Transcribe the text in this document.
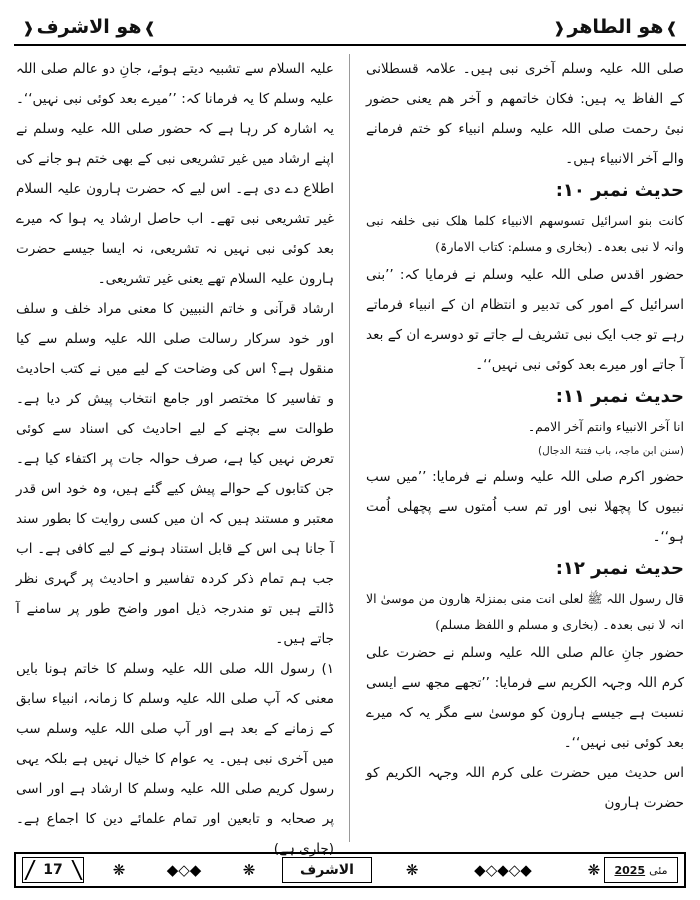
❱ھو الطاھر❰
❱ھو الاشرف❰

صلی اللہ علیہ وسلم آخری نبی ہیں۔ علامہ قسطلانی کے الفاظ یہ ہیں: فکان خاتمھم و آخر ھم یعنی حضور نبیٔ رحمت صلی اللہ علیہ وسلم انبیاء کو ختم فرمانے والے آخر الانبیاء ہیں۔

حدیث نمبر ۱۰:

کانت بنو اسرائیل تسوسھم الانبیاء کلما ھلک نبی خلفہ نبی وانہ لا نبی بعدہ۔ (بخاری و مسلم: کتاب الامارۃ)

حضور اقدس صلی اللہ علیہ وسلم نے فرمایا کہ: ’’بنی اسرائیل کے امور کی تدبیر و انتظام ان کے انبیاء فرماتے رہے تو جب ایک نبی تشریف لے جاتے تو دوسرے ان کے بعد آ جاتے اور میرے بعد کوئی نبی نہیں‘‘۔

حدیث نمبر ۱۱:

انا آخر الانبیاء وانتم آخر الامم۔

(سنن ابن ماجہ، باب فتنۃ الدجال)

حضور اکرم صلی اللہ علیہ وسلم نے فرمایا: ’’میں سب نبیوں کا پچھلا نبی اور تم سب اُمتوں سے پچھلی اُمت ہو‘‘۔

حدیث نمبر ۱۲:

قال رسول اللہ ﷺ لعلی انت منی بمنزلۃ ھارون من موسیٰ الا انہ لا نبی بعدہ۔ (بخاری و مسلم و اللفظ مسلم)

حضور جانِ عالم صلی اللہ علیہ وسلم نے حضرت علی کرم اللہ وجہہ الکریم سے فرمایا: ’’تجھے مجھ سے ایسی نسبت ہے جیسے ہارون کو موسیٰ سے مگر یہ کہ میرے بعد کوئی نبی نہیں‘‘۔

اس حدیث میں حضرت علی کرم اللہ وجہہ الکریم کو حضرت ہارون

علیہ السلام سے تشبیہ دیتے ہوئے، جانِ دو عالم صلی اللہ علیہ وسلم کا یہ فرمانا کہ: ’’میرے بعد کوئی نبی نہیں‘‘۔ یہ اشارہ کر رہا ہے کہ حضور صلی اللہ علیہ وسلم نے اپنے ارشاد میں غیر تشریعی نبی کے بھی ختم ہو جانے کی اطلاع دے دی ہے۔ اس لیے کہ حضرت ہارون علیہ السلام غیر تشریعی نبی تھے۔ اب حاصل ارشاد یہ ہوا کہ میرے بعد کوئی نبی نہیں نہ تشریعی، نہ ایسا جیسے حضرت ہارون علیہ السلام تھے یعنی غیر تشریعی۔

ارشاد قرآنی و خاتم النبیین کا معنی مراد خلف و سلف اور خود سرکار رسالت صلی اللہ علیہ وسلم سے کیا منقول ہے؟ اس کی وضاحت کے لیے میں نے کتب احادیث و تفاسیر کا مختصر اور جامع انتخاب پیش کر دیا ہے۔ طوالت سے بچنے کے لیے احادیث کی اسناد سے کوئی تعرض نہیں کیا ہے، صرف حوالہ جات پر اکتفاء کیا ہے۔ جن کتابوں کے حوالے پیش کیے گئے ہیں، وہ خود اس قدر معتبر و مستند ہیں کہ ان میں کسی روایت کا بطور سند آ جانا ہی اس کے قابل استناد ہونے کے لیے کافی ہے۔ اب جب ہم تمام ذکر کردہ تفاسیر و احادیث پر گہری نظر ڈالتے ہیں تو مندرجہ ذیل امور واضح طور پر سامنے آ جاتے ہیں۔

۱) رسول اللہ صلی اللہ علیہ وسلم کا خاتم ہونا بایں معنی کہ آپ صلی اللہ علیہ وسلم کا زمانہ، انبیاء سابق کے زمانے کے بعد ہے اور آپ صلی اللہ علیہ وسلم سب میں آخری نبی ہیں۔ یہ عوام کا خیال نہیں ہے بلکہ یہی رسول کریم صلی اللہ علیہ وسلم کا ارشاد ہے اور اسی پر صحابہ و تابعین اور تمام علمائے دین کا اجماع ہے۔ (جاری ہے)

17	❋	◆◇◆	❋	الاشرف	❋	◆◇◆◇◆	❋	مئی
2025
